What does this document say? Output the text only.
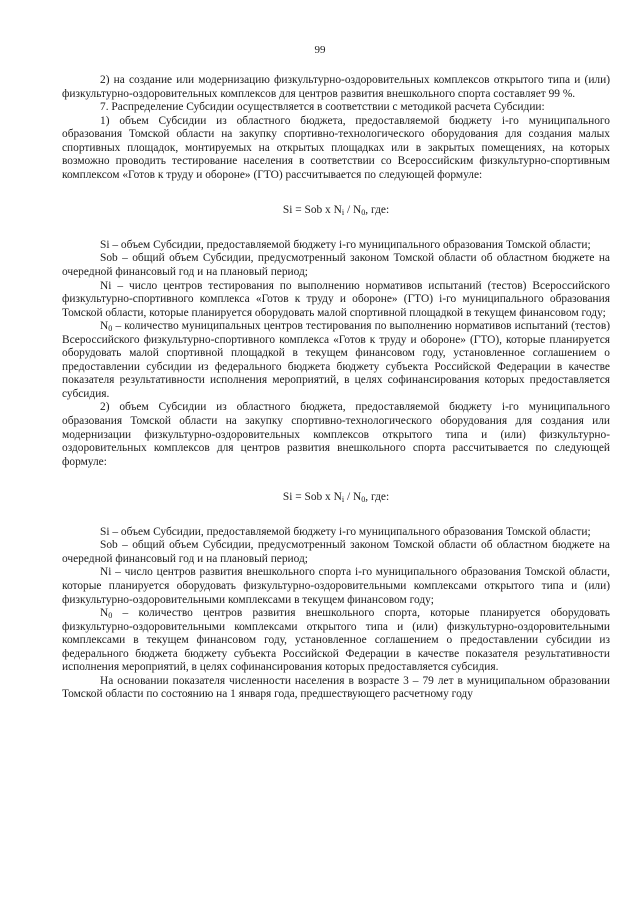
99

2) на создание или модернизацию физкультурно-оздоровительных комплексов открытого типа и (или) физкультурно-оздоровительных комплексов для центров развития внешкольного спорта составляет 99 %.

7. Распределение Субсидии осуществляется в соответствии с методикой расчета Субсидии:

1) объем Субсидии из областного бюджета, предоставляемой бюджету i-го муниципального образования Томской области на закупку спортивно-технологического оборудования для создания малых спортивных площадок, монтируемых на открытых площадках или в закрытых помещениях, на которых возможно проводить тестирование населения в соответствии со Всероссийским физкультурно-спортивным комплексом «Готов к труду и обороне» (ГТО) рассчитывается по следующей формуле:

Si = Sob х $N_i / N_0$, где:

Si – объем Субсидии, предоставляемой бюджету i-го муниципального образования Томской области;

Sob – общий объем Субсидии, предусмотренный законом Томской области об областном бюджете на очередной финансовый год и на плановый период;

Ni – число центров тестирования по выполнению нормативов испытаний (тестов) Всероссийского физкультурно-спортивного комплекса «Готов к труду и обороне» (ГТО) i-го муниципального образования Томской области, которые планируется оборудовать малой спортивной площадкой в текущем финансовом году;

$N_0$ – количество муниципальных центров тестирования по выполнению нормативов испытаний (тестов) Всероссийского физкультурно-спортивного комплекса «Готов к труду и обороне» (ГТО), которые планируется оборудовать малой спортивной площадкой в текущем финансовом году, установленное соглашением о предоставлении субсидии из федерального бюджета бюджету субъекта Российской Федерации в качестве показателя результативности исполнения мероприятий, в целях софинансирования которых предоставляется субсидия.

2) объем Субсидии из областного бюджета, предоставляемой бюджету i-го муниципального образования Томской области на закупку спортивно-технологического оборудования для создания или модернизации физкультурно-оздоровительных комплексов открытого типа и (или) физкультурно-оздоровительных комплексов для центров развития внешкольного спорта рассчитывается по следующей формуле:

Si = Sob х $N_i / N_0$, где:

Si – объем Субсидии, предоставляемой бюджету i-го муниципального образования Томской области;

Sob – общий объем Субсидии, предусмотренный законом Томской области об областном бюджете на очередной финансовый год и на плановый период;

Ni – число центров развития внешкольного спорта i-го муниципального образования Томской области, которые планируется оборудовать физкультурно-оздоровительными комплексами открытого типа и (или) физкультурно-оздоровительными комплексами в текущем финансовом году;

$N_0$ – количество центров развития внешкольного спорта, которые планируется оборудовать физкультурно-оздоровительными комплексами открытого типа и (или) физкультурно-оздоровительными комплексами в текущем финансовом году, установленное соглашением о предоставлении субсидии из федерального бюджета бюджету субъекта Российской Федерации в качестве показателя результативности исполнения мероприятий, в целях софинансирования которых предоставляется субсидия.

На основании показателя численности населения в возрасте 3 – 79 лет в муниципальном образовании Томской области по состоянию на 1 января года, предшествующего расчетному году
